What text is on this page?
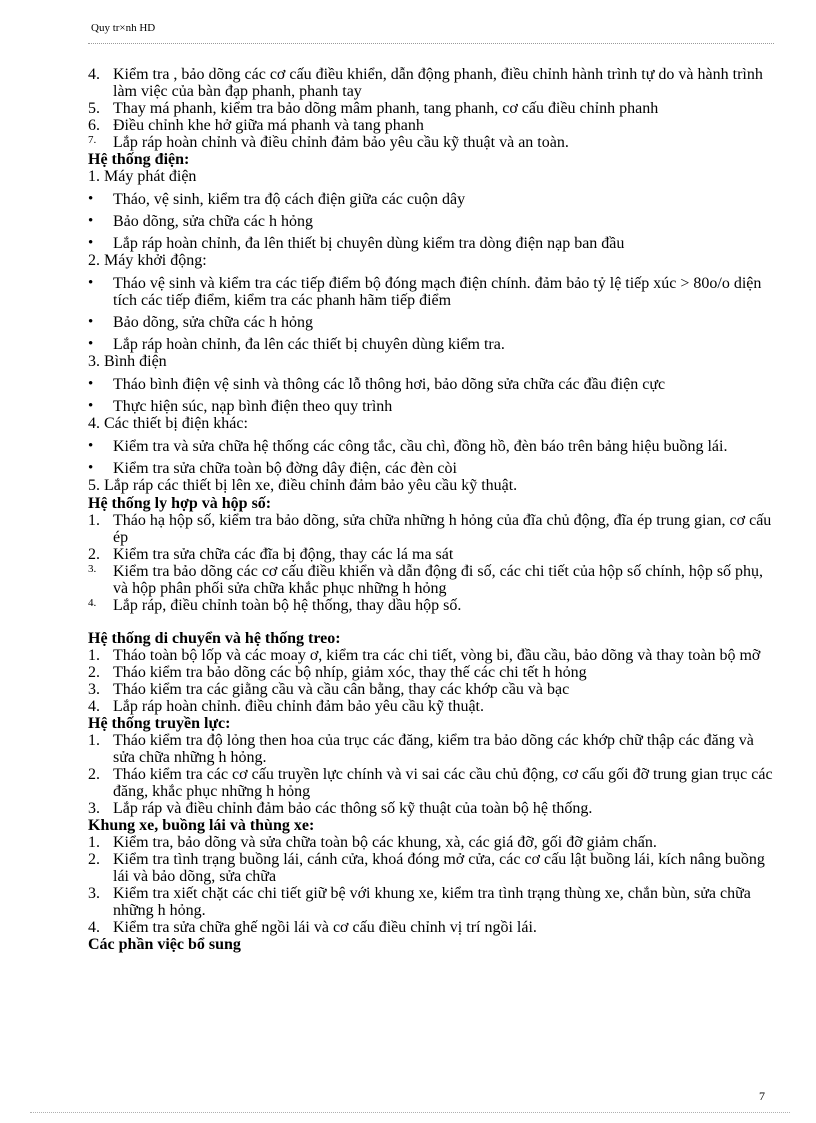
Quy tr×nh HD
4. Kiểm tra , bảo dõng các cơ cấu điều khiển, dẫn động phanh, điều chỉnh hành trình tự do và hành trình làm việc của bàn đạp phanh, phanh tay
5. Thay má phanh, kiểm tra bảo dõng mâm phanh, tang phanh, cơ cấu điều chỉnh phanh
6. Điều chỉnh khe hở giữa má phanh và tang phanh
7.	Lắp ráp hoàn chỉnh và điều chỉnh đảm bảo yêu cầu kỹ thuật và an toàn.
Hệ thống điện:
1. Máy phát điện
•	Tháo, vệ sinh, kiểm tra độ cách điện giữa các cuộn dây
•	Bảo dõng, sửa chữa các h hỏng
•	Lắp ráp hoàn chỉnh, đa lên thiết bị chuyên dùng kiểm tra dòng điện nạp ban đầu
2. Máy khởi động:
•	Tháo vệ sinh và kiểm tra các tiếp điểm bộ đóng mạch điện chính. đảm bảo tỷ lệ tiếp xúc > 80o/o diện tích các tiếp điểm, kiểm tra các phanh hãm tiếp điểm
•	Bảo dõng, sửa chữa các h hỏng
•	Lắp ráp hoàn chỉnh, đa lên các thiết bị chuyên dùng kiểm tra.
3. Bình điện
•	Tháo bình điện vệ sinh và thông các lỗ thông hơi, bảo dõng sửa chữa các đầu điện cực
•	Thực hiện súc, nạp bình điện theo quy trình
4. Các thiết bị điện khác:
•	Kiểm tra và sửa chữa hệ thống các công tắc, cầu chì, đồng hồ, đèn báo trên bảng hiệu buồng lái.
•	Kiểm tra sửa chữa toàn bộ đờng dây điện, các đèn còi
5. Lắp ráp các thiết bị lên xe, điều chỉnh đảm bảo yêu cầu kỹ thuật.
Hệ thống ly hợp và hộp số:
1. Tháo hạ hộp số, kiểm tra bảo dõng, sửa chữa những h hỏng của đĩa chủ động, đĩa ép trung gian, cơ cấu ép
2. Kiểm tra sửa chữa các đĩa bị động, thay các lá ma sát
3.	Kiểm tra bảo dõng các cơ cấu điều khiển và dẫn động đi số, các chi tiết của hộp số chính, hộp số phụ, và hộp phân phối sửa chữa khắc phục những h hỏng
4.	Lắp ráp, điều chỉnh toàn bộ hệ thống, thay dầu hộp số.
Hệ thống di chuyển và hệ thống treo:
1. Tháo toàn bộ lốp và các moay ơ, kiểm tra các chi tiết, vòng bi, đầu cầu, bảo dõng và thay toàn bộ mỡ
2. Tháo kiểm tra bảo dõng các bộ nhíp, giảm xóc, thay thế các chi tết h hỏng
3. Tháo kiểm tra các giằng cầu và cầu cân bằng, thay các khớp cầu và bạc
4. Lắp ráp hoàn chỉnh. điều chỉnh đảm bảo yêu cầu kỹ thuật.
Hệ thống truyền lực:
1. Tháo kiểm tra độ lỏng then hoa của trục các đăng, kiểm tra bảo dõng các khớp chữ thập các đăng và sửa chữa những h hỏng.
2. Tháo kiểm tra các cơ cấu truyền lực chính và vi sai các cầu chủ động, cơ cấu gối đỡ trung gian trục các đăng, khắc phục những h hỏng
3. Lắp ráp và điều chỉnh đảm bảo các thông số kỹ thuật của toàn bộ hệ thống.
Khung xe, buồng lái và thùng xe:
1. Kiểm tra, bảo dõng và sửa chữa toàn bộ các khung, xà, các giá đỡ, gối đỡ giảm chấn.
2. Kiểm tra tình trạng buồng lái, cánh cửa, khoá đóng mở cửa, các cơ cấu lật buồng lái, kích nâng buồng lái và bảo dõng, sửa chữa
3. Kiểm tra xiết chặt các chi tiết giữ bệ với khung xe, kiểm tra tình trạng thùng xe, chắn bùn, sửa chữa những h hỏng.
4. Kiểm tra sửa chữa ghế ngồi lái và cơ cấu điều chỉnh vị trí ngồi lái.
Các phần việc bổ sung
7
